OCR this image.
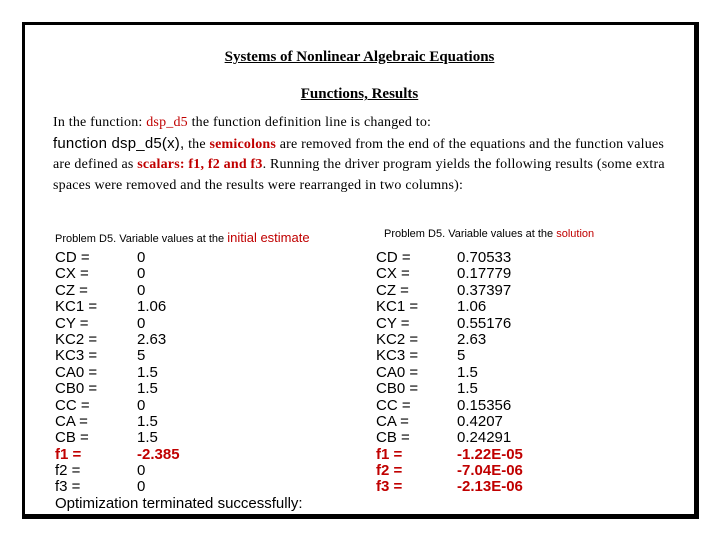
Systems of Nonlinear Algebraic Equations
Functions, Results
In the function: dsp_d5 the function definition line is changed to:
function dsp_d5(x), the semicolons are removed from the end of the equations and the function values are defined as scalars: f1, f2 and f3. Running the driver program yields the following results (some extra spaces were removed and the results were rearranged in two columns):
Problem D5. Variable values at the initial estimate	Problem D5. Variable values at the solution
CD =	0
CX =	0
CZ =	0
KC1 =	1.06
CY =	0
KC2 =	2.63
KC3 =	5
CA0 =	1.5
CB0 =	1.5
CC =	0
CA =	1.5
CB =	1.5
f1 =	-2.385
f2 =	0
f3 =	0
CD =	0.70533
CX =	0.17779
CZ =	0.37397
KC1 =	1.06
CY =	0.55176
KC2 =	2.63
KC3 =	5
CA0 =	1.5
CB0 =	1.5
CC =	0.15356
CA =	0.4207
CB =	0.24291
f1 =	-1.22E-05
f2 =	-7.04E-06
f3 =	-2.13E-06
Optimization terminated successfully:
